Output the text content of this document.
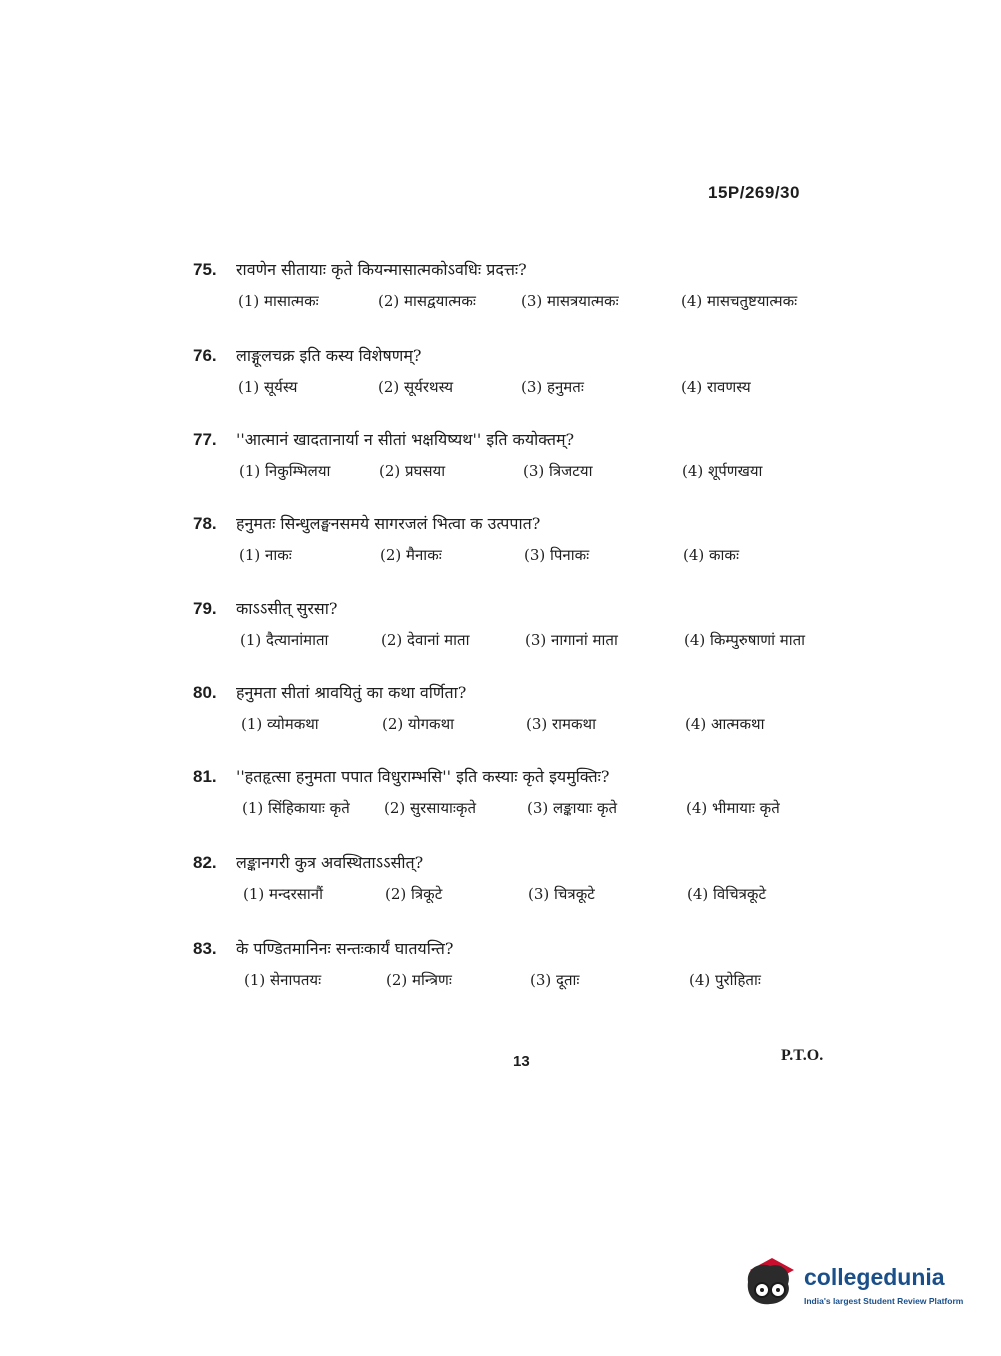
15P/269/30
75. रावणेन सीतायाः कृते कियन्मासात्मकोऽवधिः प्रदत्तः?
(1) मासात्मकः	(2) मासद्वयात्मकः	(3) मासत्रयात्मकः	(4) मासचतुष्टयात्मकः
76. लाङ्गूलचक्र इति कस्य विशेषणम्?
(1) सूर्यस्य	(2) सूर्यरथस्य	(3) हनुमतः	(4) रावणस्य
77. ''आत्मानं खादतानार्या न सीतां भक्षयिष्यथ'' इति कयोक्तम्?
(1) निकुम्भिलया	(2) प्रघसया	(3) त्रिजटया	(4) शूर्पणखया
78. हनुमतः सिन्धुलङ्घनसमये सागरजलं भित्वा क उत्पपात?
(1) नाकः	(2) मैनाकः	(3) पिनाकः	(4) काकः
79. काऽऽसीत् सुरसा?
(1) दैत्यानांमाता	(2) देवानां माता	(3) नागानां माता	(4) किम्पुरुषाणां माता
80. हनुमता सीतां श्रावयितुं का कथा वर्णिता?
(1) व्योमकथा	(2) योगकथा	(3) रामकथा	(4) आत्मकथा
81. ''हतहृत्सा हनुमता पपात विधुराम्भसि'' इति कस्याः कृते इयमुक्तिः?
(1) सिंहिकायाः कृते (2) सुरसायाःकृते	(3) लङ्कायाः कृते	(4) भीमायाः कृते
82. लङ्कानगरी कुत्र अवस्थिताऽऽसीत्?
(1) मन्दरसानौं	(2) त्रिकूटे	(3) चित्रकूटे	(4) विचित्रकूटे
83. के पण्डितमानिनः सन्तःकार्यं घातयन्ति?
(1) सेनापतयः	(2) मन्त्रिणः	(3) दूताः	(4) पुरोहिताः
13	P.T.O.
collegedunia
India's largest Student Review Platform
